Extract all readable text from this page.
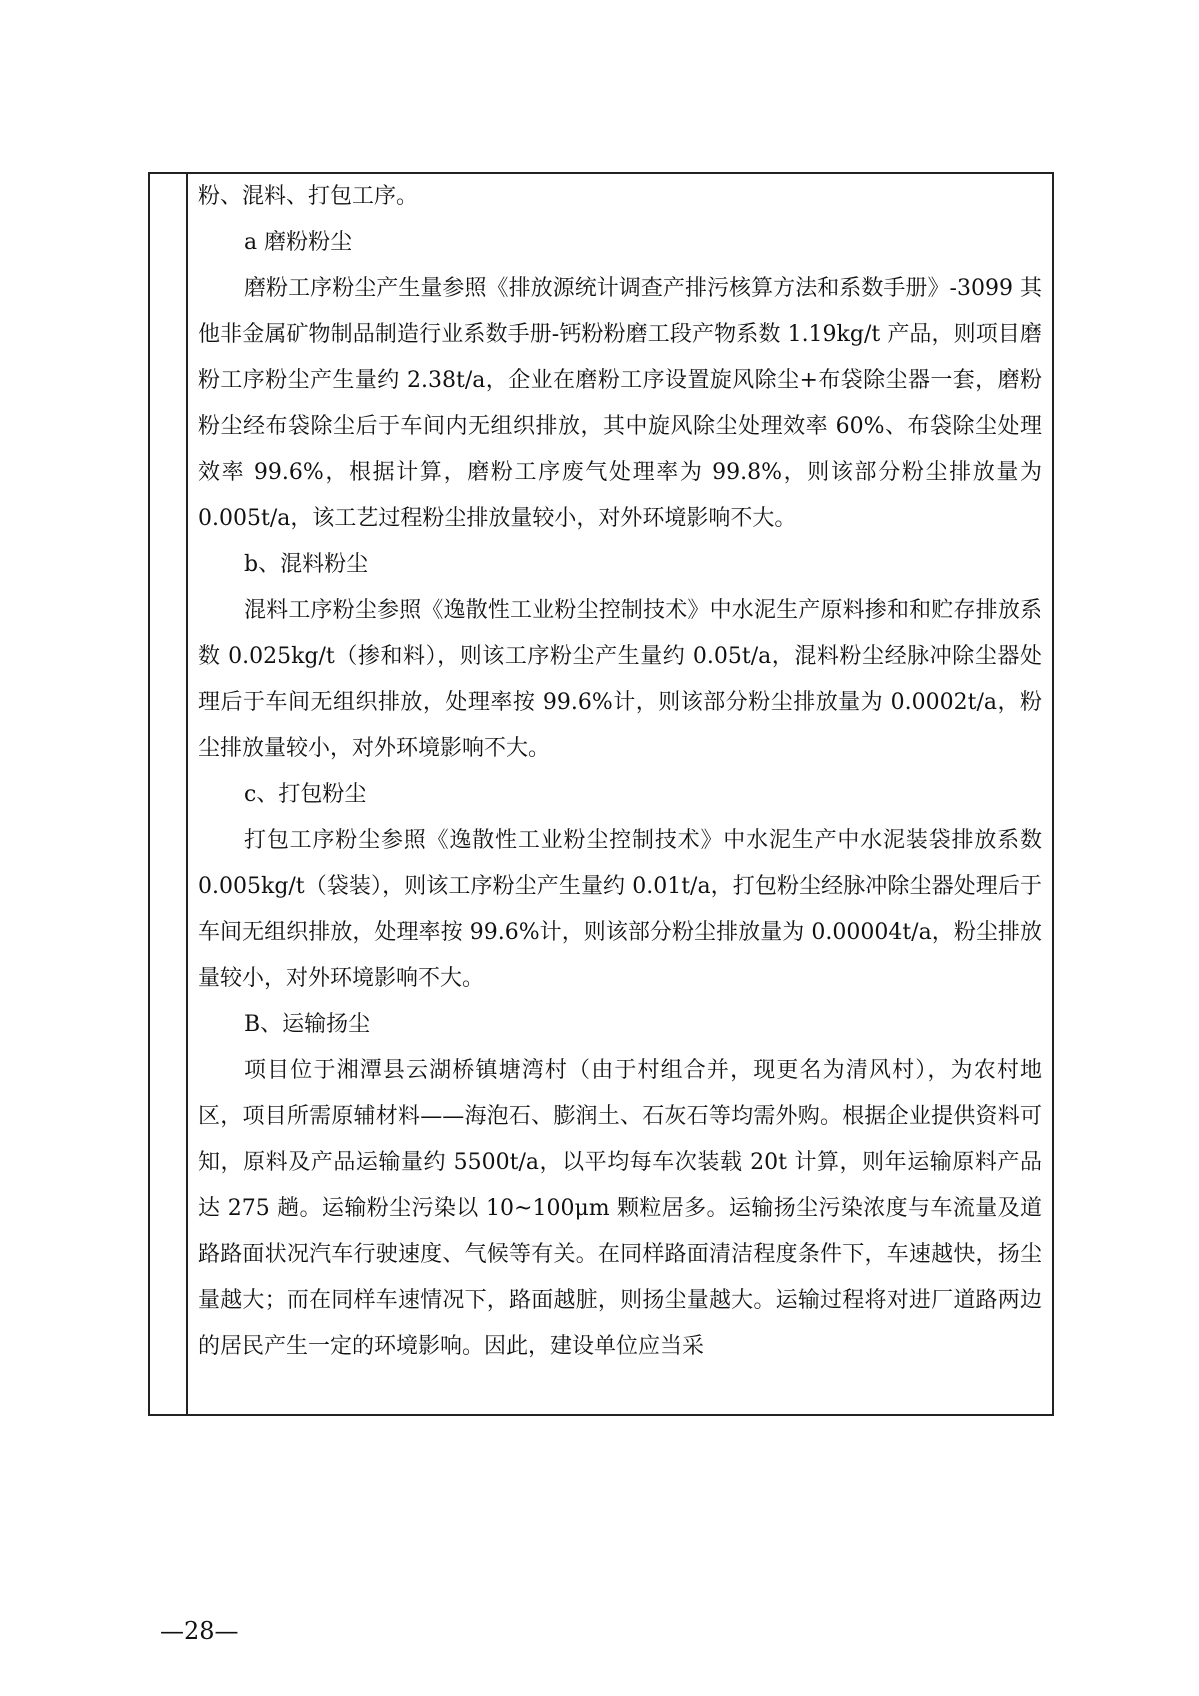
粉、混料、打包工序。

a 磨粉粉尘

磨粉工序粉尘产生量参照《排放源统计调查产排污核算方法和系数手册》-3099 其他非金属矿物制品制造行业系数手册-钙粉粉磨工段产物系数 1.19kg/t 产品，则项目磨粉工序粉尘产生量约 2.38t/a，企业在磨粉工序设置旋风除尘+布袋除尘器一套，磨粉粉尘经布袋除尘后于车间内无组织排放，其中旋风除尘处理效率 60%、布袋除尘处理效率 99.6%，根据计算，磨粉工序废气处理率为 99.8%，则该部分粉尘排放量为 0.005t/a，该工艺过程粉尘排放量较小，对外环境影响不大。

b、混料粉尘

混料工序粉尘参照《逸散性工业粉尘控制技术》中水泥生产原料掺和和贮存排放系数 0.025kg/t（掺和料），则该工序粉尘产生量约 0.05t/a，混料粉尘经脉冲除尘器处理后于车间无组织排放，处理率按 99.6%计，则该部分粉尘排放量为 0.0002t/a，粉尘排放量较小，对外环境影响不大。

c、打包粉尘

打包工序粉尘参照《逸散性工业粉尘控制技术》中水泥生产中水泥装袋排放系数 0.005kg/t（袋装），则该工序粉尘产生量约 0.01t/a，打包粉尘经脉冲除尘器处理后于车间无组织排放，处理率按 99.6%计，则该部分粉尘排放量为 0.00004t/a，粉尘排放量较小，对外环境影响不大。

B、运输扬尘

项目位于湘潭县云湖桥镇塘湾村（由于村组合并，现更名为清风村），为农村地区，项目所需原辅材料——海泡石、膨润土、石灰石等均需外购。根据企业提供资料可知，原料及产品运输量约 5500t/a，以平均每车次装载 20t 计算，则年运输原料产品达 275 趟。运输粉尘污染以 10~100μm 颗粒居多。运输扬尘污染浓度与车流量及道路路面状况汽车行驶速度、气候等有关。在同样路面清洁程度条件下，车速越快，扬尘量越大；而在同样车速情况下，路面越脏，则扬尘量越大。运输过程将对进厂道路两边的居民产生一定的环境影响。因此，建设单位应当采

—28—
